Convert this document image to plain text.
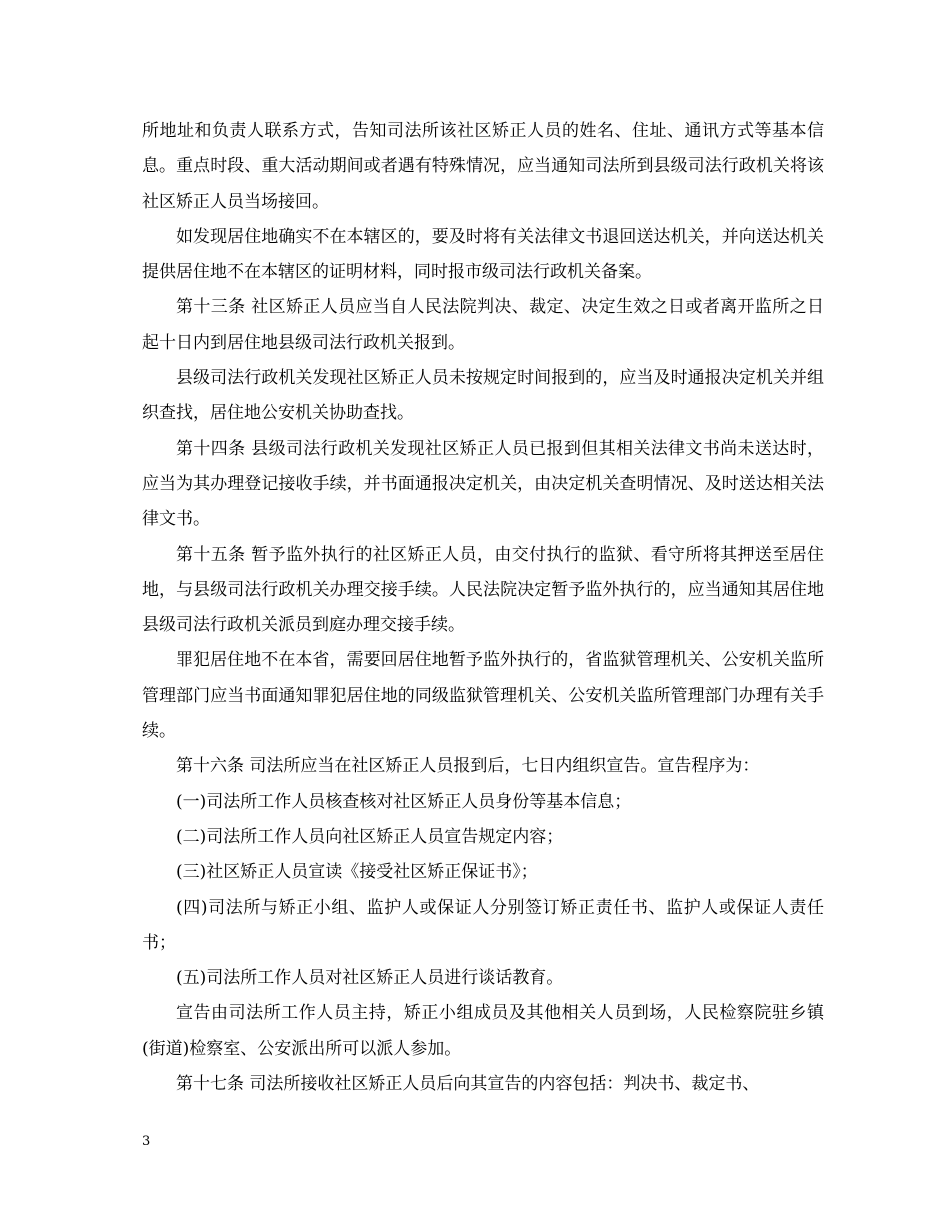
所地址和负责人联系方式，告知司法所该社区矫正人员的姓名、住址、通讯方式等基本信息。重点时段、重大活动期间或者遇有特殊情况，应当通知司法所到县级司法行政机关将该社区矫正人员当场接回。

如发现居住地确实不在本辖区的，要及时将有关法律文书退回送达机关，并向送达机关提供居住地不在本辖区的证明材料，同时报市级司法行政机关备案。

第十三条 社区矫正人员应当自人民法院判决、裁定、决定生效之日或者离开监所之日起十日内到居住地县级司法行政机关报到。

县级司法行政机关发现社区矫正人员未按规定时间报到的，应当及时通报决定机关并组织查找，居住地公安机关协助查找。

第十四条 县级司法行政机关发现社区矫正人员已报到但其相关法律文书尚未送达时，应当为其办理登记接收手续，并书面通报决定机关，由决定机关查明情况、及时送达相关法律文书。

第十五条 暂予监外执行的社区矫正人员，由交付执行的监狱、看守所将其押送至居住地，与县级司法行政机关办理交接手续。人民法院决定暂予监外执行的，应当通知其居住地县级司法行政机关派员到庭办理交接手续。

罪犯居住地不在本省，需要回居住地暂予监外执行的，省监狱管理机关、公安机关监所管理部门应当书面通知罪犯居住地的同级监狱管理机关、公安机关监所管理部门办理有关手续。

第十六条 司法所应当在社区矫正人员报到后，七日内组织宣告。宣告程序为：

(一)司法所工作人员核查核对社区矫正人员身份等基本信息；

(二)司法所工作人员向社区矫正人员宣告规定内容；

(三)社区矫正人员宣读《接受社区矫正保证书》；

(四)司法所与矫正小组、监护人或保证人分别签订矫正责任书、监护人或保证人责任书；

(五)司法所工作人员对社区矫正人员进行谈话教育。

宣告由司法所工作人员主持，矫正小组成员及其他相关人员到场，人民检察院驻乡镇(街道)检察室、公安派出所可以派人参加。

第十七条 司法所接收社区矫正人员后向其宣告的内容包括：判决书、裁定书、

3
